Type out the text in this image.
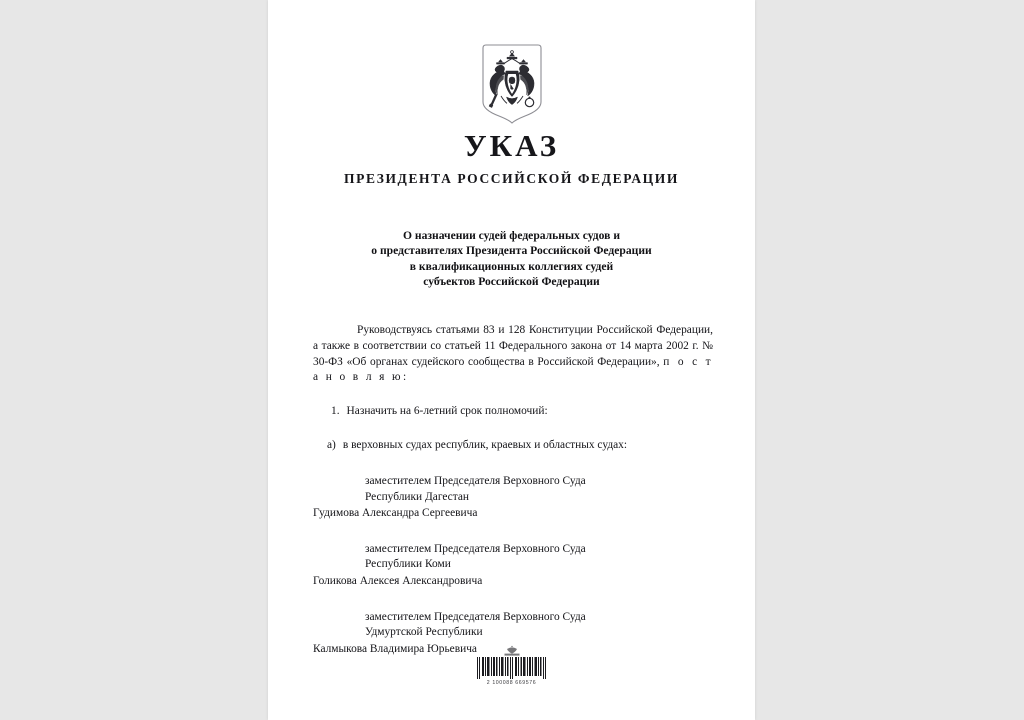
УКАЗ
ПРЕЗИДЕНТА РОССИЙСКОЙ ФЕДЕРАЦИИ
О назначении судей федеральных судов и
о представителях Президента Российской Федерации
в квалификационных коллегиях судей
субъектов Российской Федерации

Руководствуясь статьями 83 и 128 Конституции Российской Федерации, а также в соответствии со статьей 11 Федерального закона от 14 марта 2002 г. № 30-ФЗ «Об органах судейского сообщества в Российской Федерации», п о с т а н о в л я ю:

1. Назначить на 6-летний срок полномочий:
а) в верховных судах республик, краевых и областных судах:
заместителем Председателя Верховного Суда
Республики Дагестан
Гудимова Александра Сергеевича
заместителем Председателя Верховного Суда
Республики Коми
Голикова Алексея Александровича
заместителем Председателя Верховного Суда
Удмуртской Республики
Калмыкова Владимира Юрьевича
2 100088 669576
